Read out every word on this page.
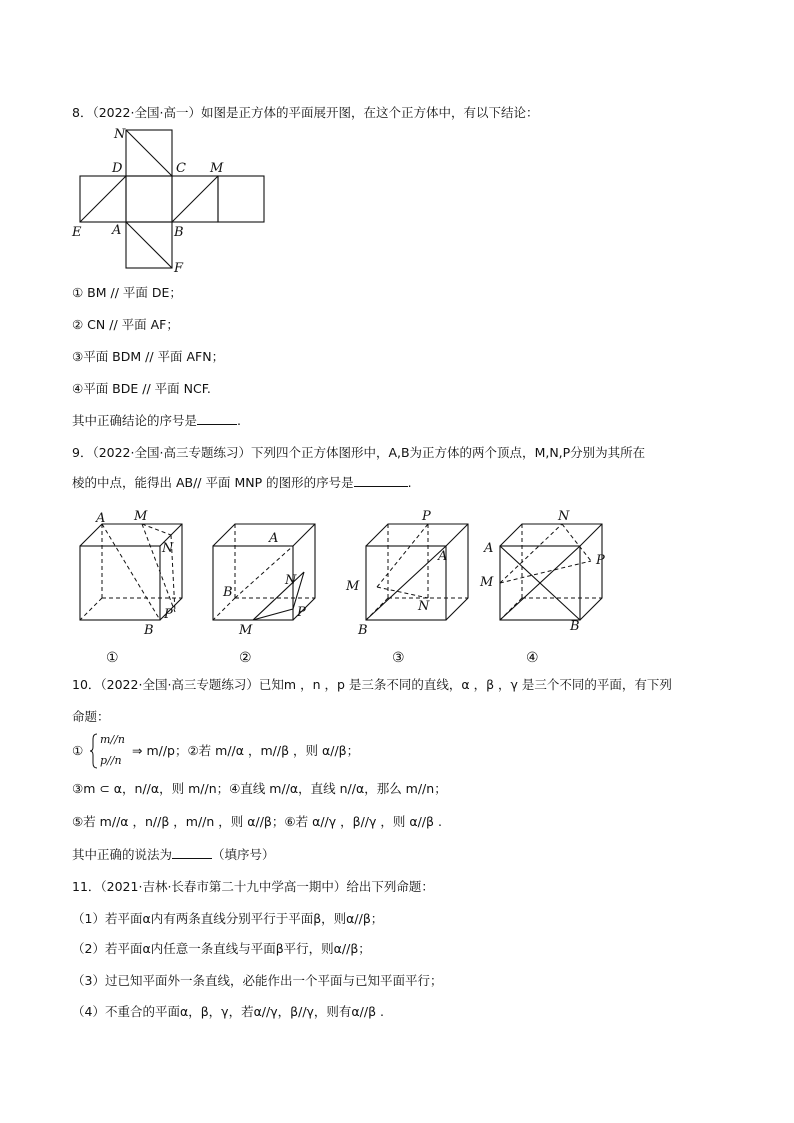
8．（2022·全国·高一）如图是正方体的平面展开图，在这个正方体中，有以下结论：
N
D	C M
E A	B
F
① BM // 平面 DE；
② CN // 平面 AF；
③平面 BDM // 平面 AFN；
④平面 BDE // 平面 NCF.
其中正确结论的序号是	.
9．（2022·全国·高三专题练习）下列四个正方体图形中，A,B为正方体的两个顶点，M,N,P分别为其所在
棱的中点，能得出 AB// 平面 MNP 的图形的序号是	.
A M
N
P
B
①
A
B
N
P
M
②
P
A
M
N
B
③
N
A
P
M
B
④
10．（2022·全国·高三专题练习）已知m ，n ，p 是三条不同的直线，α ，β ，γ 是三个不同的平面，有下列
命题：
①
m//n
p//n
⇒ m//p；②若 m//α ，m//β ，则 α//β；
③m ⊂ α，n//α，则 m//n；④直线 m//α，直线 n//α，那么 m//n；
⑤若 m//α ，n//β ，m//n ，则 α//β；⑥若 α//γ ，β//γ ，则 α//β .
其中正确的说法为	（填序号）
11．（2021·吉林·长春市第二十九中学高一期中）给出下列命题：
（1）若平面α内有两条直线分别平行于平面β，则α//β；
（2）若平面α内任意一条直线与平面β平行，则α//β；
（3）过已知平面外一条直线，必能作出一个平面与已知平面平行；
（4）不重合的平面α，β，γ，若α//γ，β//γ，则有α//β .
